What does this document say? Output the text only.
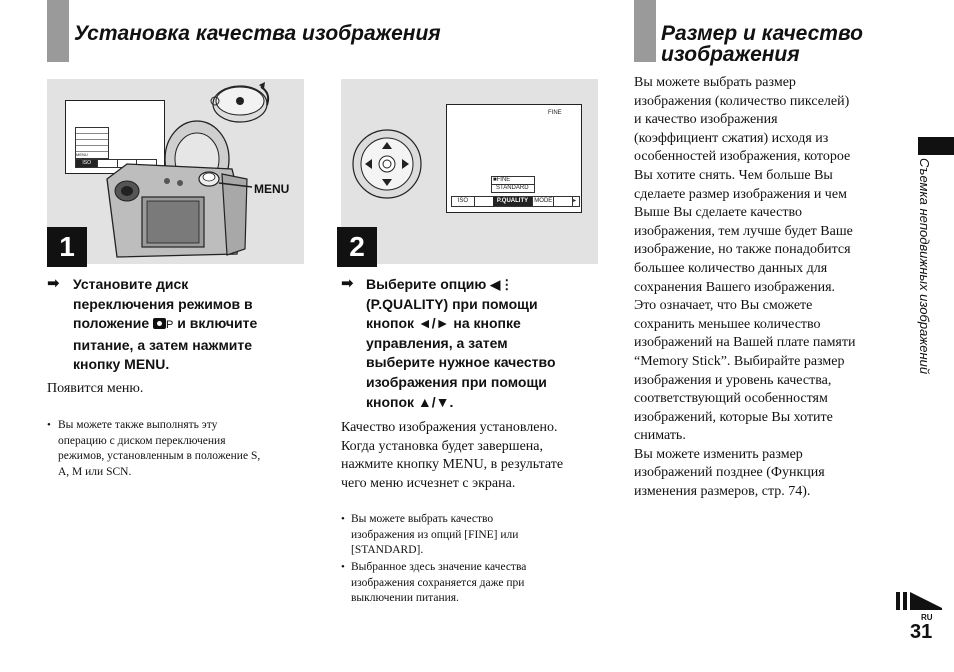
Установка качества изображения	Размер и качество
изображения
MENU
ISO
MENU
1
➡ Установите диск
переключения режимов в
положение P и включите
питание, а затем нажмите
кнопку MENU.
Появится меню.
• Вы можете также выполнять эту
операцию с диском переключения
режимов, установленным в положение S,
A, M или SCN.
FINE
■FINE
STANDARD
ISO	P.QUALITY	MODE	▸
2
➡ Выберите опцию ◀⋮
(P.QUALITY) при помощи
кнопок ◄/► на кнопке
управления, а затем
выберите нужное качество
изображения при помощи
кнопок ▲/▼.
Качество изображения установлено.
Когда установка будет завершена,
нажмите кнопку MENU, в результате
чего меню исчезнет с экрана.
• Вы можете выбрать качество
изображения из опций [FINE] или
[STANDARD].
• Выбранное здесь значение качества
изображения сохраняется даже при
выключении питания.
Вы можете выбрать размер
изображения (количество пикселей)
и качество изображения
(коэффициент сжатия) исходя из
особенностей изображения, которое
Вы хотите снять. Чем больше Вы
сделаете размер изображения и чем
Выше Вы сделаете качество
изображения, тем лучше будет Ваше
изображение, но также понадобится
большее количество данных для
сохранения Вашего изображения.
Это означает, что Вы сможете
сохранить меньшее количество
изображений на Вашей плате памяти
“Memory Stick”. Выбирайте размер
изображения и уровень качества,
соответствующий особенностям
изображений, которые Вы хотите
снимать.
Вы можете изменить размер
изображений позднее (Функция
изменения размеров, стр. 74).
Съемка неподвижных изображений
RU
31
